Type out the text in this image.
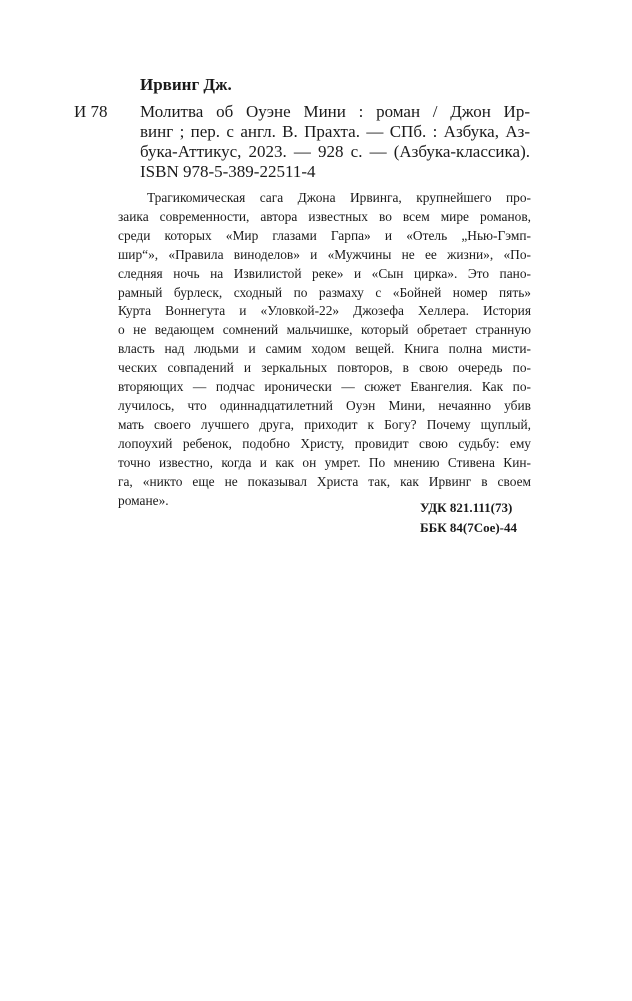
Ирвинг Дж.
И 78 Молитва об Оуэне Мини : роман / Джон Ир-
винг ; пер. с англ. В. Прахта. — СПб. : Азбука, Аз-
бука-Аттикус, 2023. — 928 с. — (Азбука-классика).
ISBN 978-5-389-22511-4
Трагикомическая сага Джона Ирвинга, крупнейшего про-
заика современности, автора известных во всем мире романов,
среди которых «Мир глазами Гарпа» и «Отель „Нью-Гэмп-
шир“», «Правила виноделов» и «Мужчины не ее жизни», «По-
следняя ночь на Извилистой реке» и «Сын цирка». Это пано-
рамный бурлеск, сходный по размаху с «Бойней номер пять»
Курта Воннегута и «Уловкой-22» Джозефа Хеллера. История
о не ведающем сомнений мальчишке, который обретает странную
власть над людьми и самим ходом вещей. Книга полна мисти-
ческих совпадений и зеркальных повторов, в свою очередь по-
вторяющих — подчас иронически — сюжет Евангелия. Как по-
лучилось, что одиннадцатилетний Оуэн Мини, нечаянно убив
мать своего лучшего друга, приходит к Богу? Почему щуплый,
лопоухий ребенок, подобно Христу, провидит свою судьбу: ему
точно известно, когда и как он умрет. По мнению Стивена Кин-
га, «никто еще не показывал Христа так, как Ирвинг в своем
романе».	УДК 821.111(73)
ББК 84(7Сое)-44
